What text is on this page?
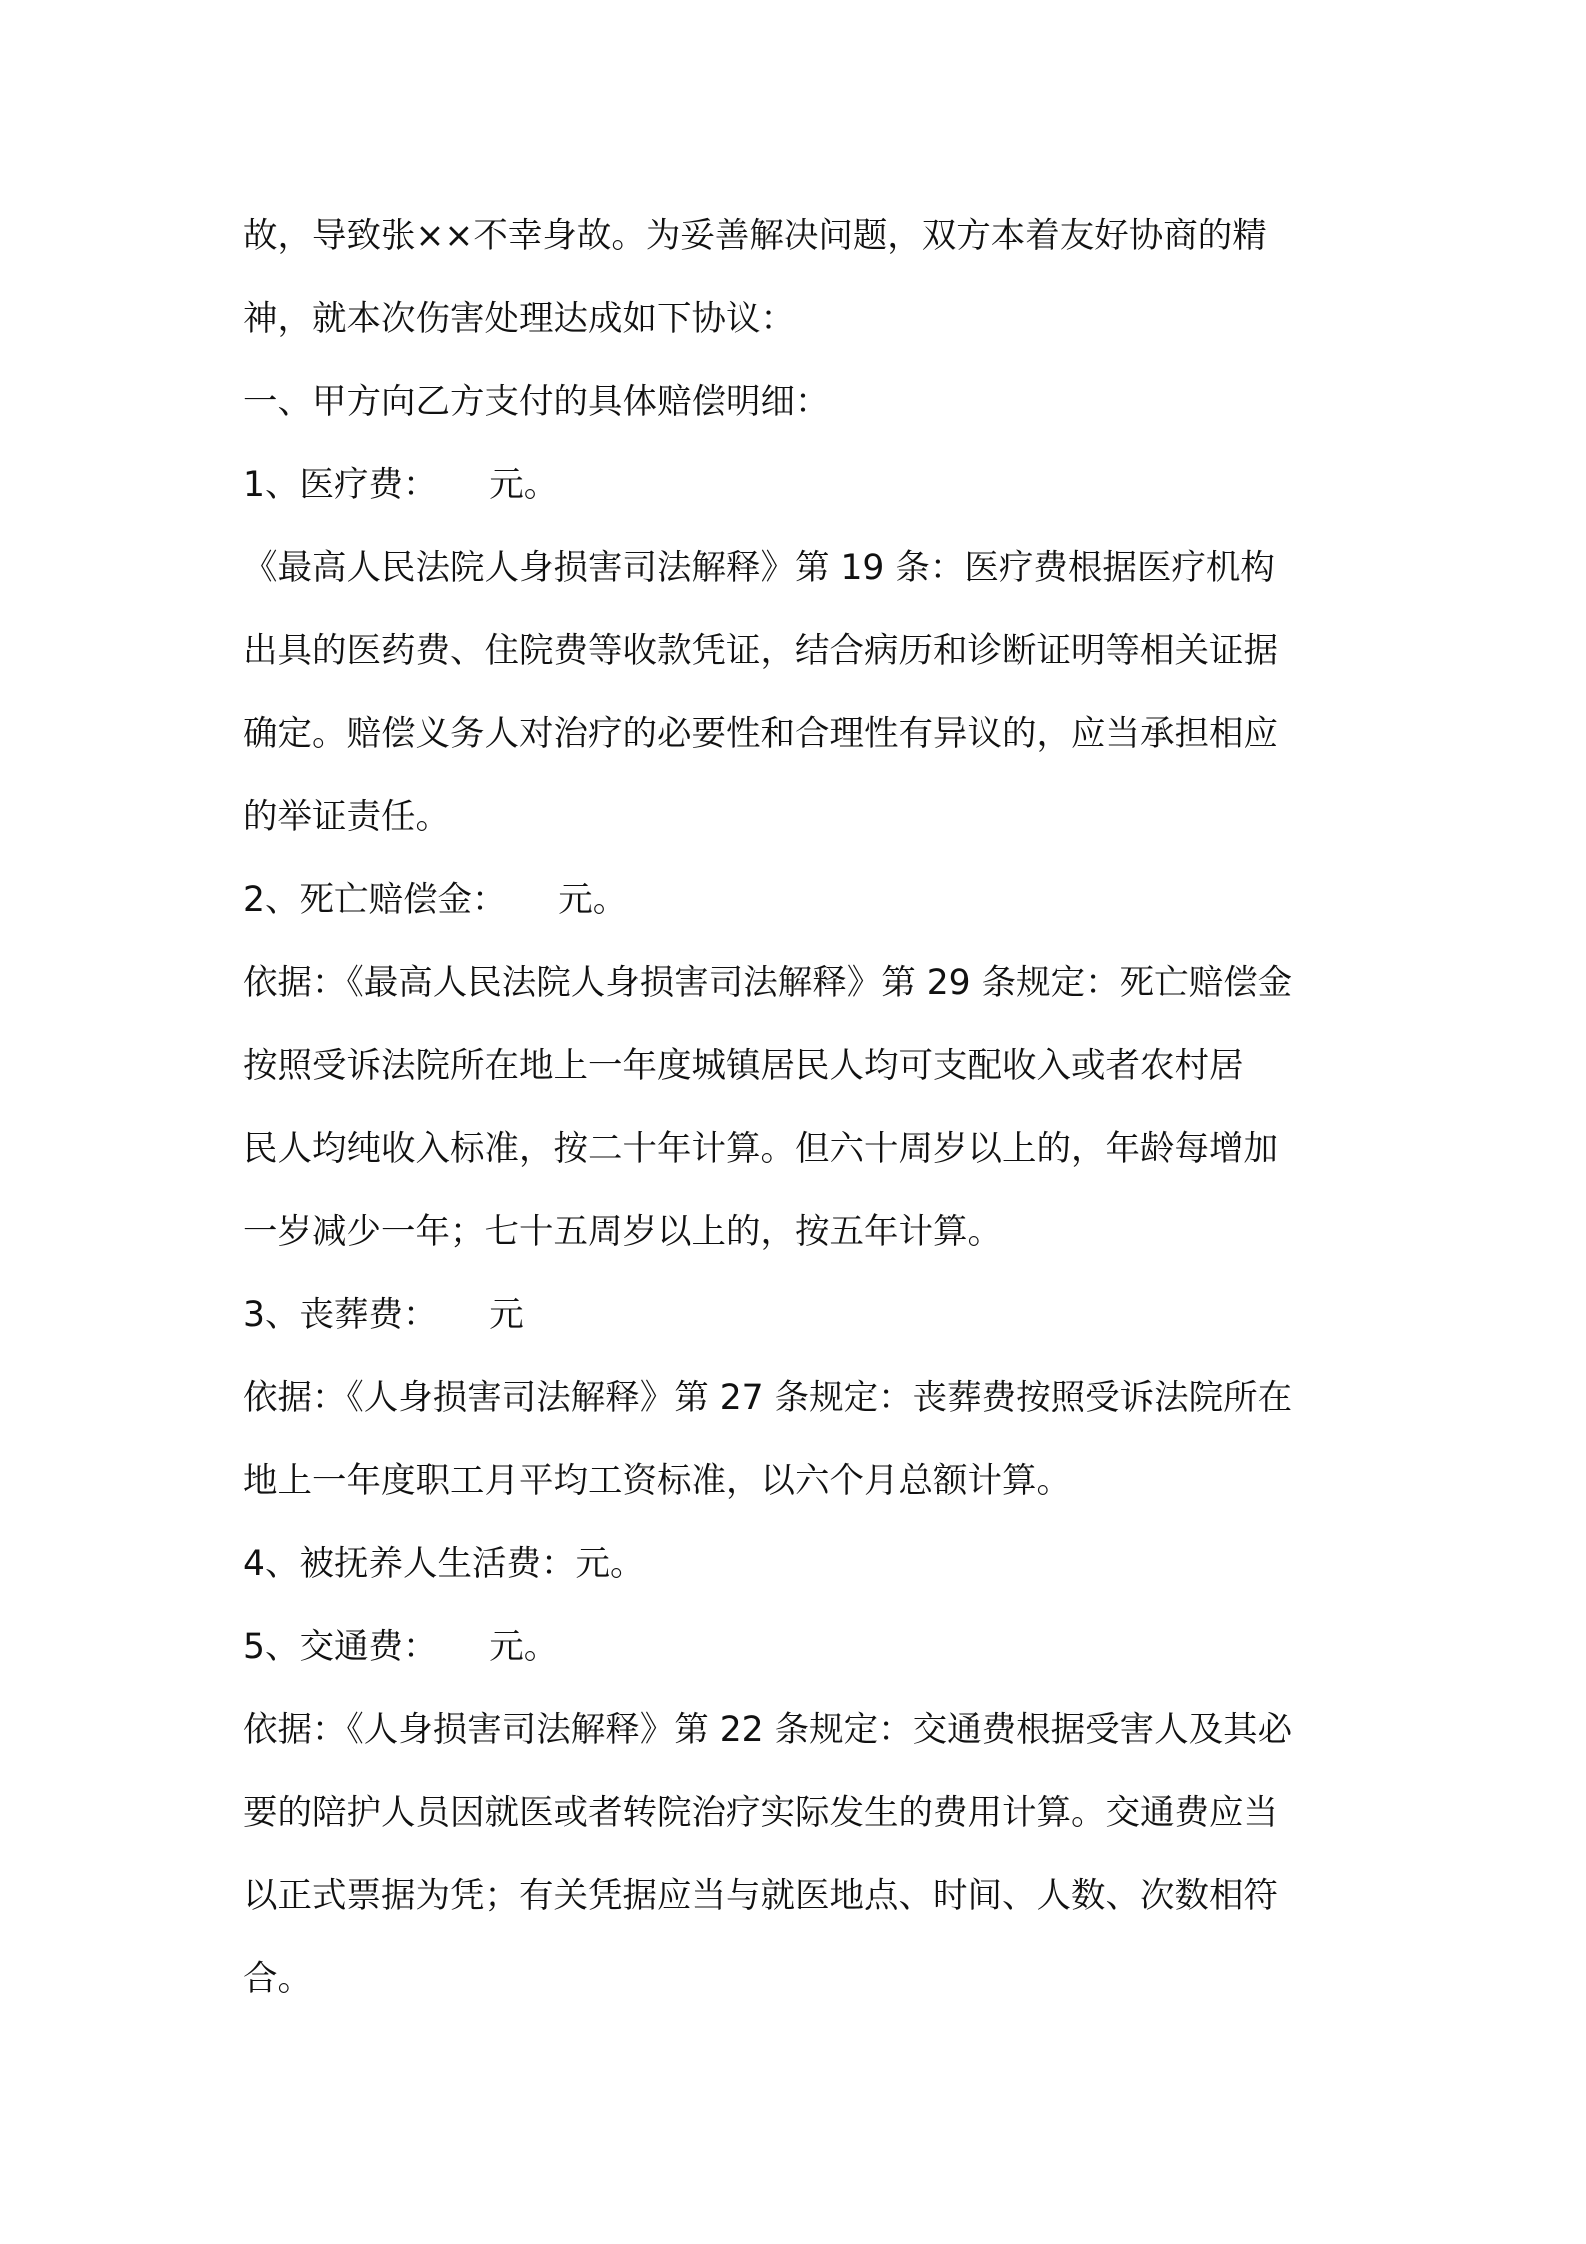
故，导致张××不幸身故。为妥善解决问题，双方本着友好协商的精

神，就本次伤害处理达成如下协议：

一、甲方向乙方支付的具体赔偿明细：

1、医疗费：　　元。

《最高人民法院人身损害司法解释》第 19 条：医疗费根据医疗机构

出具的医药费、住院费等收款凭证，结合病历和诊断证明等相关证据

确定。赔偿义务人对治疗的必要性和合理性有异议的，应当承担相应

的举证责任。

2、死亡赔偿金：　　元。

依据：《最高人民法院人身损害司法解释》第 29 条规定：死亡赔偿金

按照受诉法院所在地上一年度城镇居民人均可支配收入或者农村居

民人均纯收入标准，按二十年计算。但六十周岁以上的，年龄每增加

一岁减少一年；七十五周岁以上的，按五年计算。

3、丧葬费：　　元

依据：《人身损害司法解释》第 27 条规定：丧葬费按照受诉法院所在

地上一年度职工月平均工资标准，以六个月总额计算。

4、被抚养人生活费：元。

5、交通费：　　元。

依据：《人身损害司法解释》第 22 条规定：交通费根据受害人及其必

要的陪护人员因就医或者转院治疗实际发生的费用计算。交通费应当

以正式票据为凭；有关凭据应当与就医地点、时间、人数、次数相符

合。
